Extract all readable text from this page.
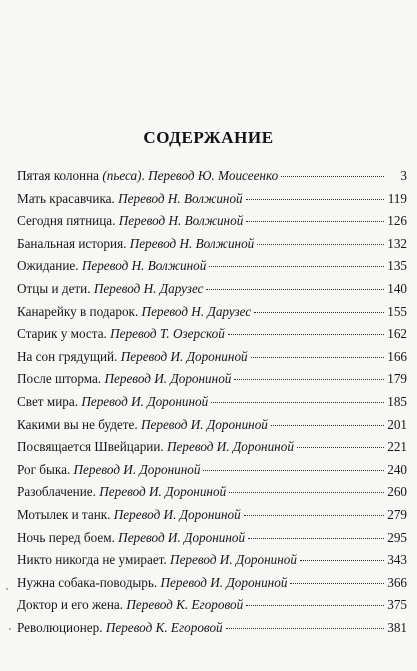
СОДЕРЖАНИЕ
Пятая колонна (пьеса). Перевод Ю. Моисеенко	3
Мать красавчика. Перевод Н. Волжиной	119
Сегодня пятница. Перевод Н. Волжиной	126
Банальная история. Перевод Н. Волжиной	132
Ожидание. Перевод Н. Волжиной	135
Отцы и дети. Перевод Н. Дарузес	140
Канарейку в подарок. Перевод Н. Дарузес	155
Старик у моста. Перевод Т. Озерской	162
На сон грядущий. Перевод И. Дорониной	166
После шторма. Перевод И. Дорониной	179
Свет мира. Перевод И. Дорониной	185
Какими вы не будете. Перевод И. Дорониной	201
Посвящается Швейцарии. Перевод И. Дорониной	221
Рог быка. Перевод И. Дорониной	240
Разоблачение. Перевод И. Дорониной	260
Мотылек и танк. Перевод И. Дорониной	279
Ночь перед боем. Перевод И. Дорониной	295
Никто никогда не умирает. Перевод И. Дорониной	343
Нужна собака-поводырь. Перевод И. Дорониной	366
Доктор и его жена. Перевод К. Егоровой	375
Революционер. Перевод К. Егоровой	381
